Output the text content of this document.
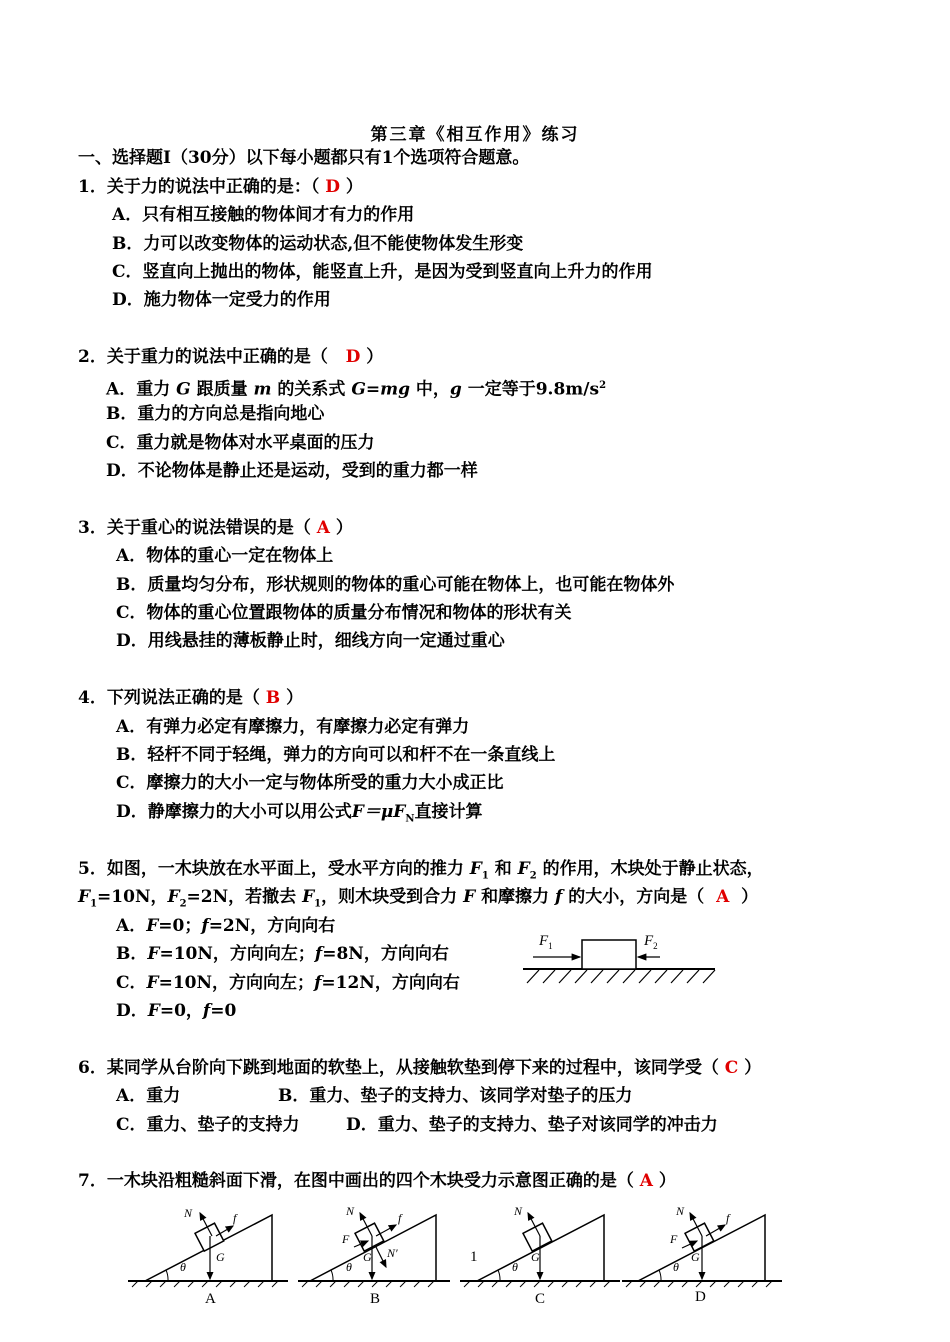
第三章《相互作用》练习
一、选择题Ⅰ（30分）以下每小题都只有1个选项符合题意。
1．关于力的说法中正确的是：（ D ）
A．只有相互接触的物体间才有力的作用
B．力可以改变物体的运动状态,但不能使物体发生形变
C．竖直向上抛出的物体，能竖直上升，是因为受到竖直向上升力的作用
D．施力物体一定受力的作用
2．关于重力的说法中正确的是（ D ）
A．重力 G 跟质量 m 的关系式 G=mg 中，g 一定等于$9.8m/s^2$
B．重力的方向总是指向地心
C．重力就是物体对水平桌面的压力
D．不论物体是静止还是运动，受到的重力都一样
3．关于重心的说法错误的是（ A ）
A．物体的重心一定在物体上
B．质量均匀分布，形状规则的物体的重心可能在物体上，也可能在物体外
C．物体的重心位置跟物体的质量分布情况和物体的形状有关
D．用线悬挂的薄板静止时，细线方向一定通过重心
4．下列说法正确的是（ B ）
A．有弹力必定有摩擦力，有摩擦力必定有弹力
B．轻杆不同于轻绳，弹力的方向可以和杆不在一条直线上
C．摩擦力的大小一定与物体所受的重力大小成正比
D．静摩擦力的大小可以用公式$F=\mu F_N$直接计算
5．如图，一木块放在水平面上，受水平方向的推力 $F_1$ 和 $F_2$ 的作用，木块处于静止状态，
$F_1=10N$，$F_2=2N$，若撤去 $F_1$，则木块受到合力 F 和摩擦力 f 的大小，方向是（ A ）
A．F=0；f=2N，方向向右
B．F=10N，方向向左；f=8N，方向向右
C．F=10N，方向向左；f=12N，方向向右
D．F=0，f=0
$F_1$	$F_2$
6．某同学从台阶向下跳到地面的软垫上，从接触软垫到停下来的过程中，该同学受（ C ）
A．重力	B．重力、垫子的支持力、该同学对垫子的压力
C．重力、垫子的支持力	D．重力、垫子的支持力、垫子对该同学的冲击力
7．一木块沿粗糙斜面下滑，在图中画出的四个木块受力示意图正确的是（ A ）
N	f
G
θ
A
N	f
F
G N′
θ
B
N
G
θ
1
C
N	f
F
G
θ
D
